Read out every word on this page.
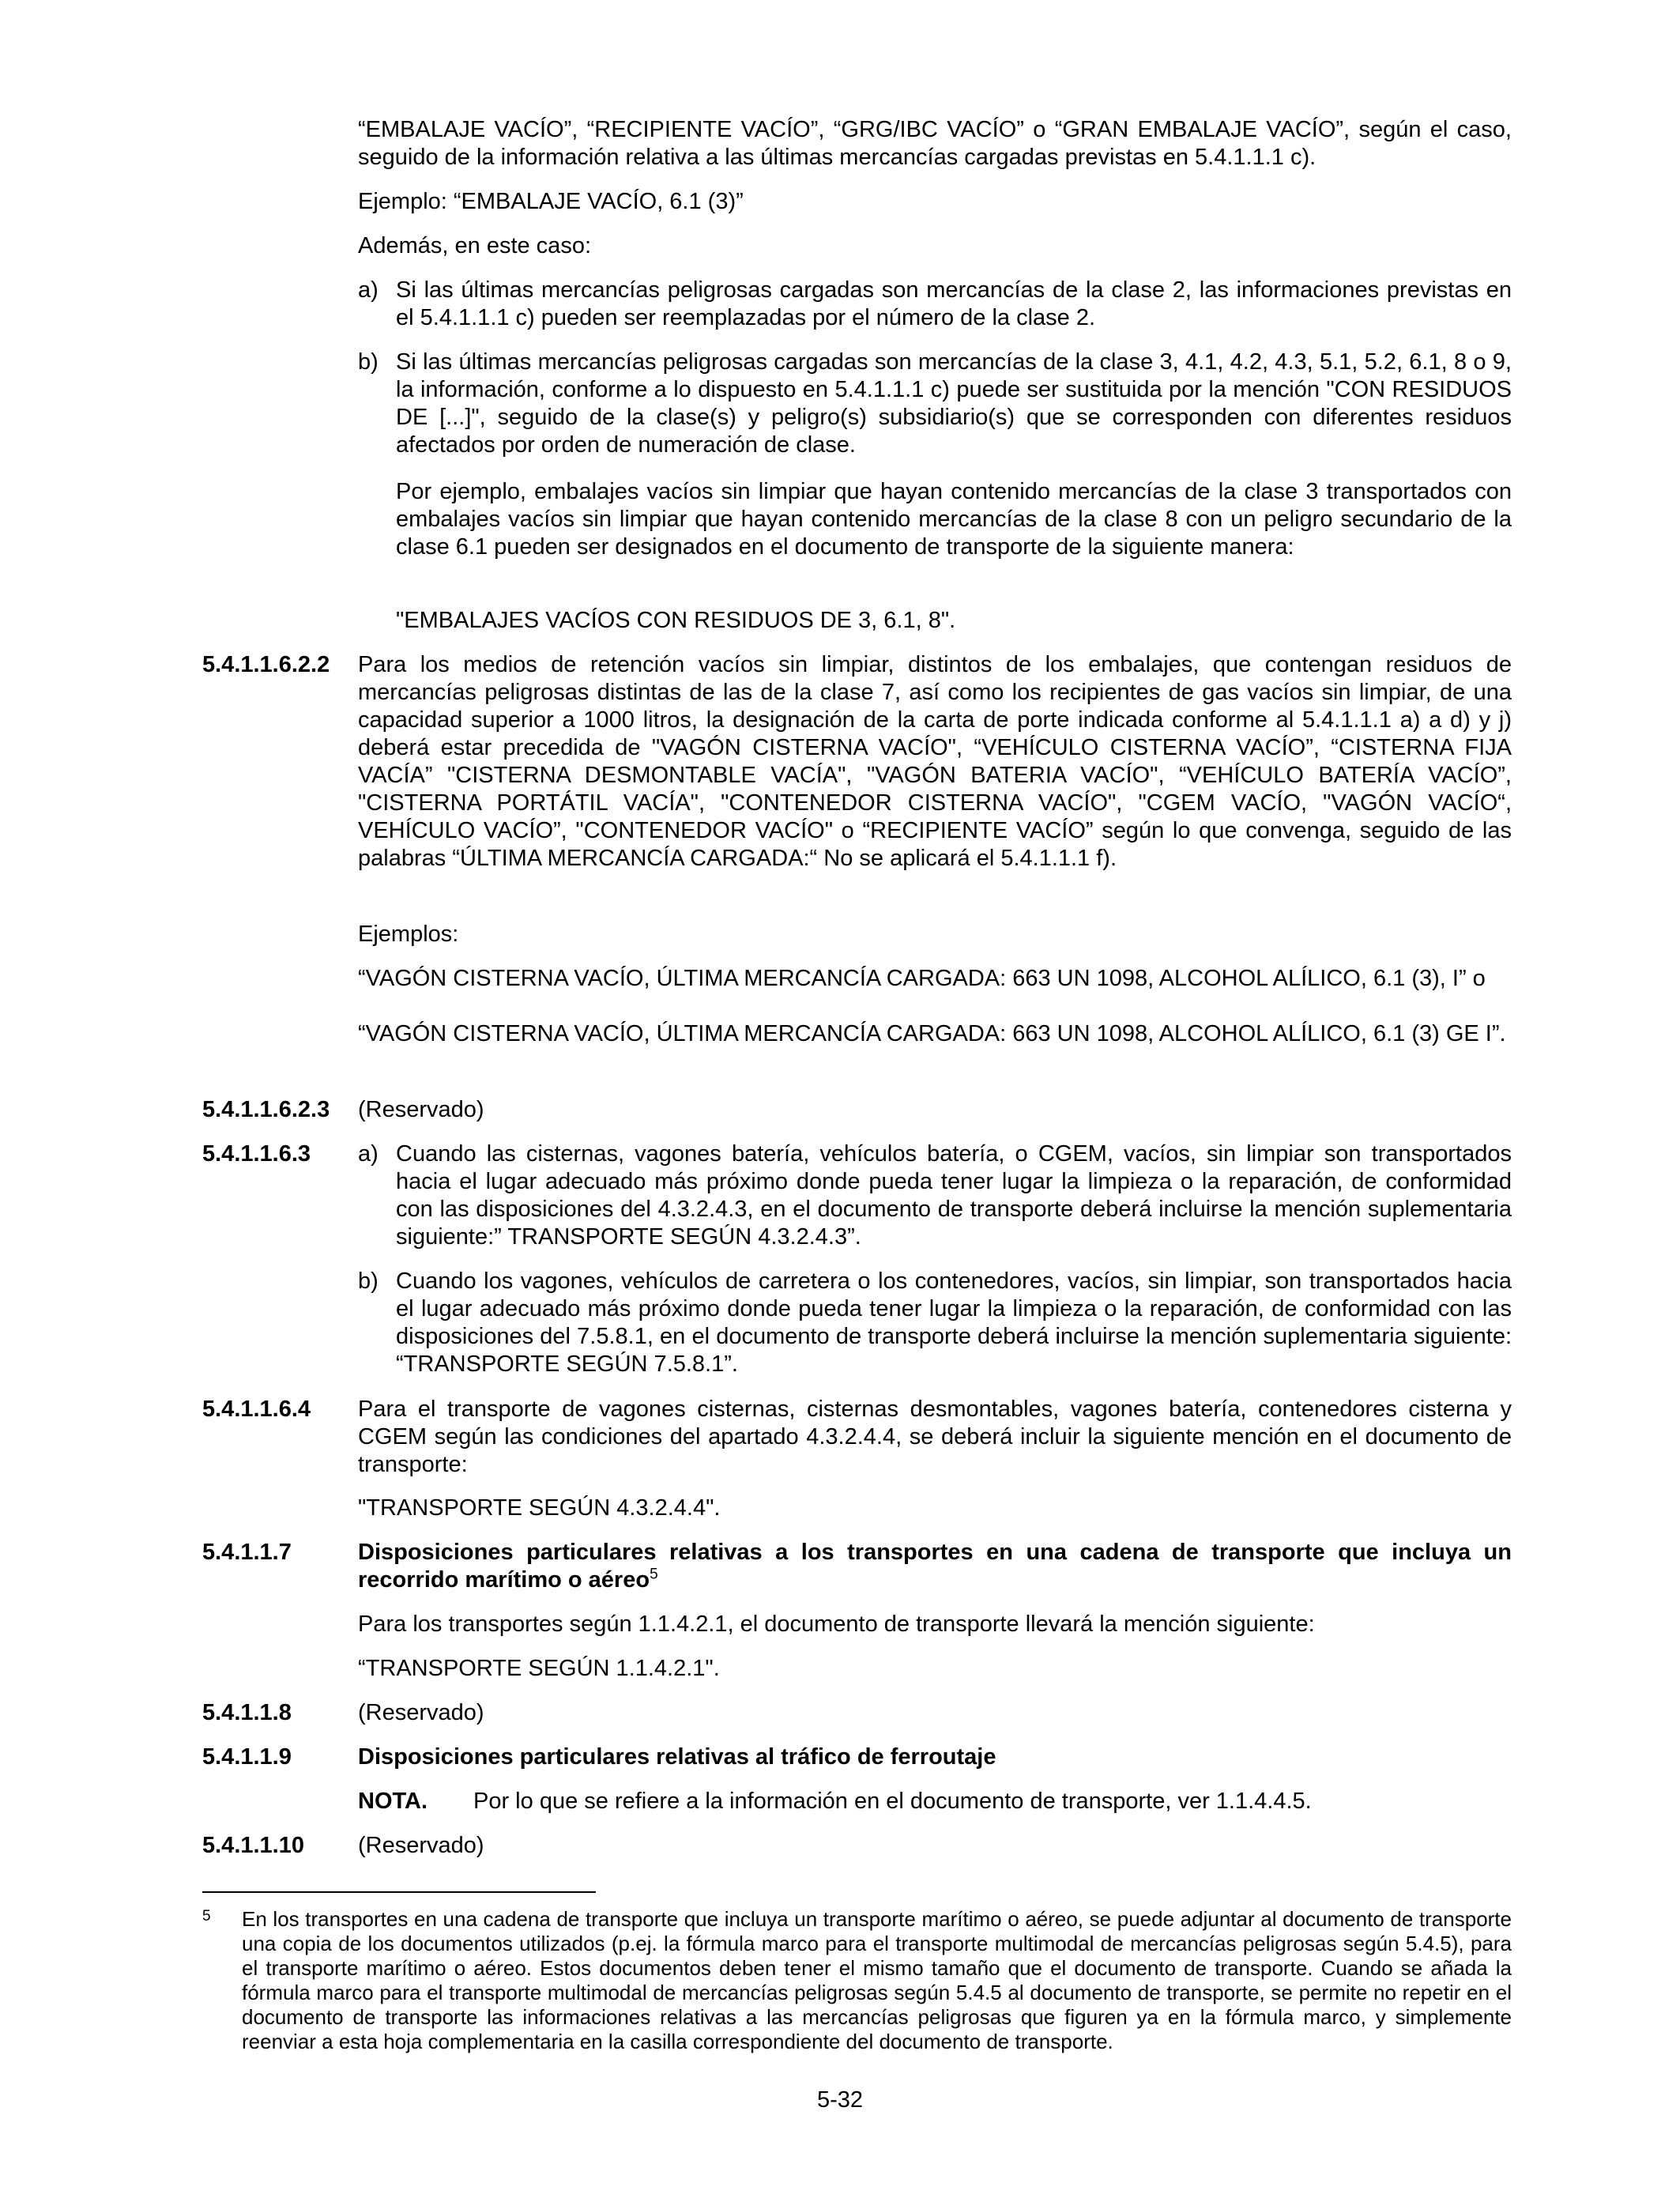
“EMBALAJE VACÍO”, “RECIPIENTE VACÍO”, “GRG/IBC VACÍO” o “GRAN EMBALAJE VACÍO”, según el caso, seguido de la información relativa a las últimas mercancías cargadas previstas en 5.4.1.1.1 c).
Ejemplo: “EMBALAJE VACÍO, 6.1 (3)”
Además, en este caso:
a) Si las últimas mercancías peligrosas cargadas son mercancías de la clase 2, las informaciones previstas en el 5.4.1.1.1 c) pueden ser reemplazadas por el número de la clase 2.
b) Si las últimas mercancías peligrosas cargadas son mercancías de la clase 3, 4.1, 4.2, 4.3, 5.1, 5.2, 6.1, 8 o 9, la información, conforme a lo dispuesto en 5.4.1.1.1 c) puede ser sustituida por la mención "CON RESIDUOS DE [...]", seguido de la clase(s) y peligro(s) subsidiario(s) que se corresponden con diferentes residuos afectados por orden de numeración de clase.
Por ejemplo, embalajes vacíos sin limpiar que hayan contenido mercancías de la clase 3 transportados con embalajes vacíos sin limpiar que hayan contenido mercancías de la clase 8 con un peligro secundario de la clase 6.1 pueden ser designados en el documento de transporte de la siguiente manera:
"EMBALAJES VACÍOS CON RESIDUOS DE 3, 6.1, 8".
5.4.1.1.6.2.2	Para los medios de retención vacíos sin limpiar, distintos de los embalajes, que contengan residuos de mercancías peligrosas distintas de las de la clase 7, así como los recipientes de gas vacíos sin limpiar, de una capacidad superior a 1000 litros, la designación de la carta de porte indicada conforme al 5.4.1.1.1 a) a d) y j) deberá estar precedida de "VAGÓN CISTERNA VACÍO", “VEHÍCULO CISTERNA VACÍO”, “CISTERNA FIJA VACÍA” "CISTERNA DESMONTABLE VACÍA", "VAGÓN BATERIA VACÍO", “VEHÍCULO BATERÍA VACÍO”, "CISTERNA PORTÁTIL VACÍA", "CONTENEDOR CISTERNA VACÍO", "CGEM VACÍO, "VAGÓN VACÍO“, VEHÍCULO VACÍO”, "CONTENEDOR VACÍO" o “RECIPIENTE VACÍO” según lo que convenga, seguido de las palabras “ÚLTIMA MERCANCÍA CARGADA:“ No se aplicará el 5.4.1.1.1 f).
Ejemplos:
“VAGÓN CISTERNA VACÍO, ÚLTIMA MERCANCÍA CARGADA: 663 UN 1098, ALCOHOL ALÍLICO, 6.1 (3), I” o
“VAGÓN CISTERNA VACÍO, ÚLTIMA MERCANCÍA CARGADA: 663 UN 1098, ALCOHOL ALÍLICO, 6.1 (3) GE I”.
5.4.1.1.6.2.3	(Reservado)
5.4.1.1.6.3	a) Cuando las cisternas, vagones batería, vehículos batería, o CGEM, vacíos, sin limpiar son transportados hacia el lugar adecuado más próximo donde pueda tener lugar la limpieza o la reparación, de conformidad con las disposiciones del 4.3.2.4.3, en el documento de transporte deberá incluirse la mención suplementaria siguiente:” TRANSPORTE SEGÚN 4.3.2.4.3”.
b) Cuando los vagones, vehículos de carretera o los contenedores, vacíos, sin limpiar, son transportados hacia el lugar adecuado más próximo donde pueda tener lugar la limpieza o la reparación, de conformidad con las disposiciones del 7.5.8.1, en el documento de transporte deberá incluirse la mención suplementaria siguiente: “TRANSPORTE SEGÚN 7.5.8.1”.
5.4.1.1.6.4	Para el transporte de vagones cisternas, cisternas desmontables, vagones batería, contenedores cisterna y CGEM según las condiciones del apartado 4.3.2.4.4, se deberá incluir la siguiente mención en el documento de transporte:
"TRANSPORTE SEGÚN 4.3.2.4.4".
5.4.1.1.7	Disposiciones particulares relativas a los transportes en una cadena de transporte que incluya un recorrido marítimo o aéreo$^5$
Para los transportes según 1.1.4.2.1, el documento de transporte llevará la mención siguiente:
“TRANSPORTE SEGÚN 1.1.4.2.1".
5.4.1.1.8	(Reservado)
5.4.1.1.9	Disposiciones particulares relativas al tráfico de ferroutaje
NOTA. Por lo que se refiere a la información en el documento de transporte, ver 1.1.4.4.5.
5.4.1.1.10	(Reservado)
5 En los transportes en una cadena de transporte que incluya un transporte marítimo o aéreo, se puede adjuntar al documento de transporte una copia de los documentos utilizados (p.ej. la fórmula marco para el transporte multimodal de mercancías peligrosas según 5.4.5), para el transporte marítimo o aéreo. Estos documentos deben tener el mismo tamaño que el documento de transporte. Cuando se añada la fórmula marco para el transporte multimodal de mercancías peligrosas según 5.4.5 al documento de transporte, se permite no repetir en el documento de transporte las informaciones relativas a las mercancías peligrosas que figuren ya en la fórmula marco, y simplemente reenviar a esta hoja complementaria en la casilla correspondiente del documento de transporte.
5-32
